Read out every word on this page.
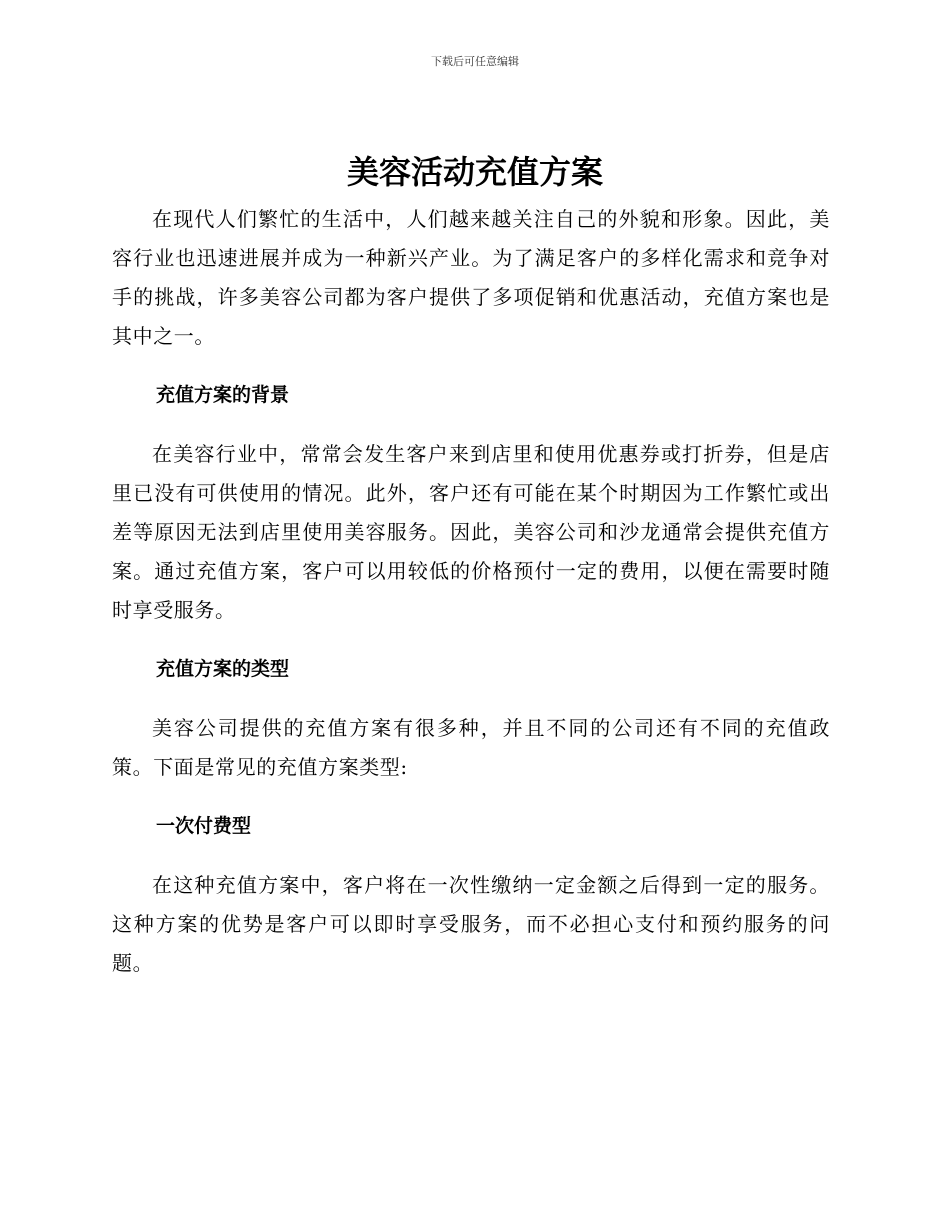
下载后可任意编辑
美容活动充值方案

在现代人们繁忙的生活中，人们越来越关注自己的外貌和形象。因此，美容行业也迅速进展并成为一种新兴产业。为了满足客户的多样化需求和竞争对手的挑战，许多美容公司都为客户提供了多项促销和优惠活动，充值方案也是其中之一。

充值方案的背景

在美容行业中，常常会发生客户来到店里和使用优惠券或打折券，但是店里已没有可供使用的情况。此外，客户还有可能在某个时期因为工作繁忙或出差等原因无法到店里使用美容服务。因此，美容公司和沙龙通常会提供充值方案。通过充值方案，客户可以用较低的价格预付一定的费用，以便在需要时随时享受服务。

充值方案的类型

美容公司提供的充值方案有很多种，并且不同的公司还有不同的充值政策。下面是常见的充值方案类型:

一次付费型

在这种充值方案中，客户将在一次性缴纳一定金额之后得到一定的服务。这种方案的优势是客户可以即时享受服务，而不必担心支付和预约服务的问题。
